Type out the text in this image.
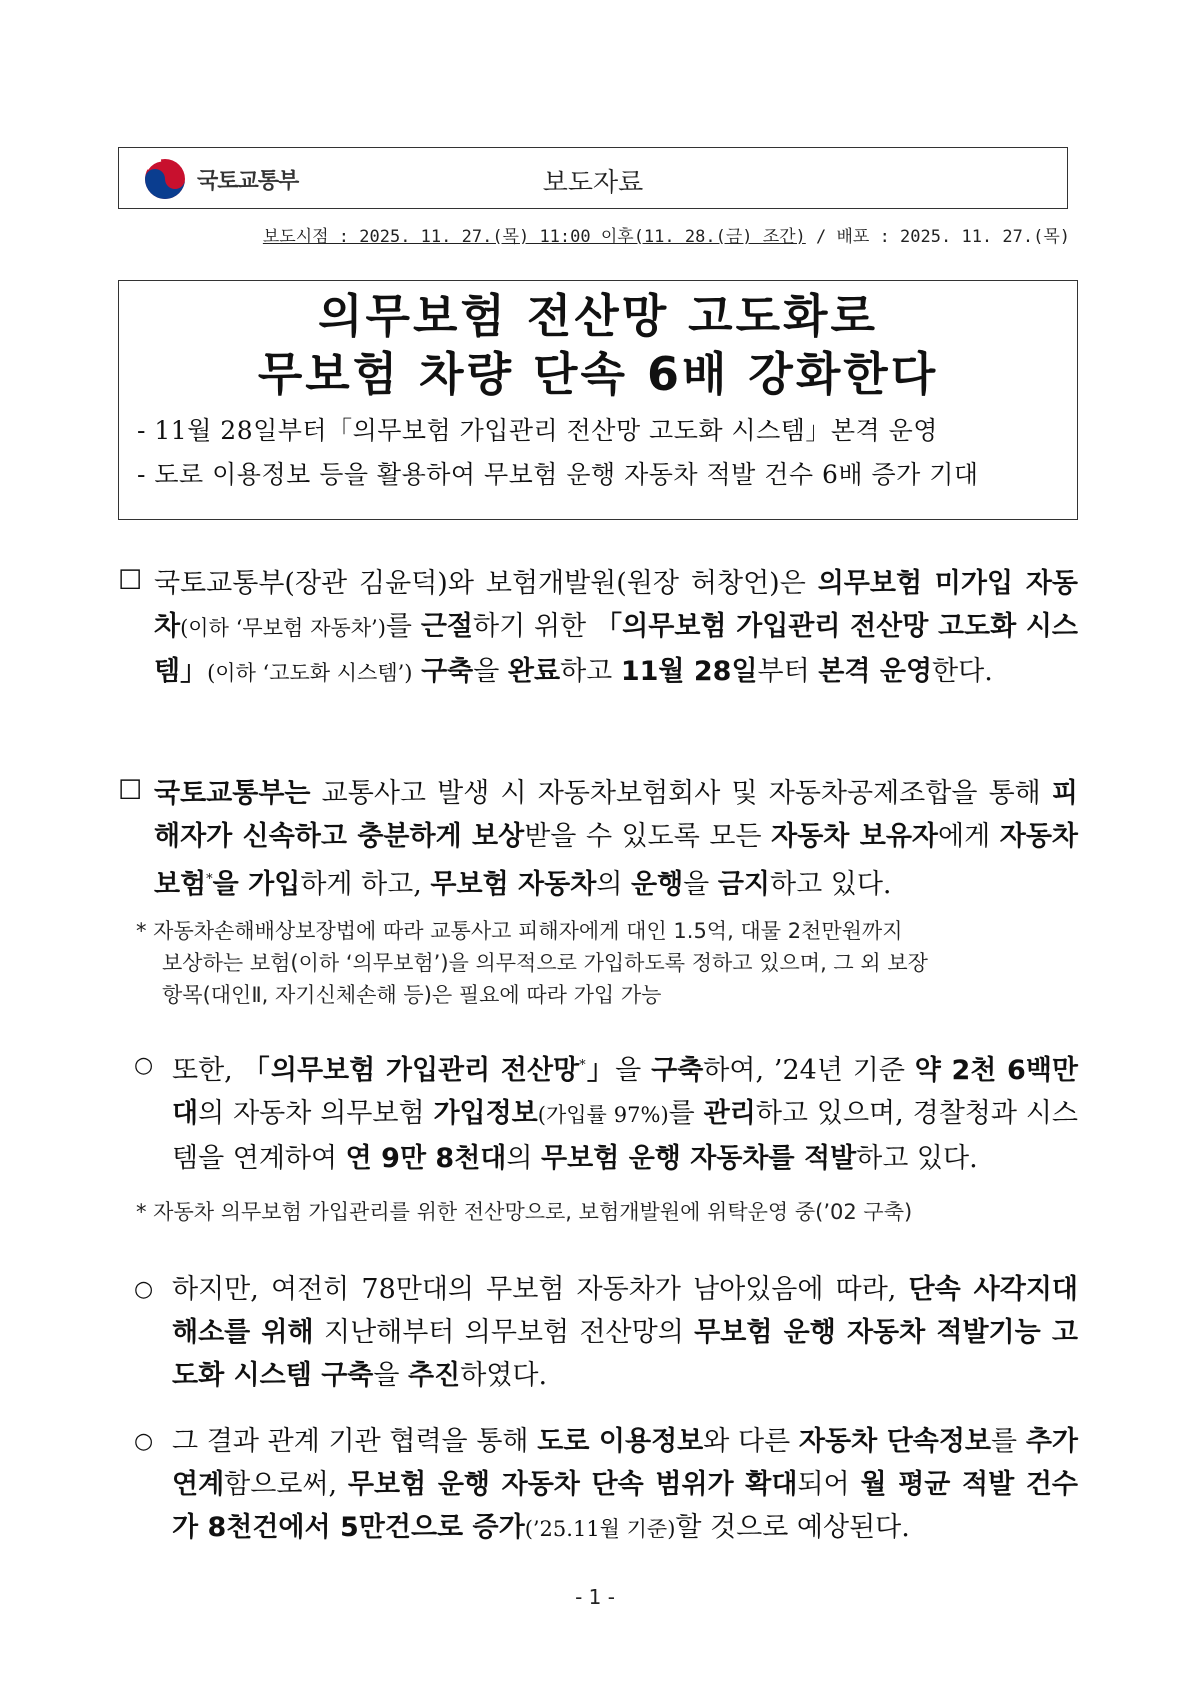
국토교통부	보도자료
보도시점 : 2025. 11. 27.(목) 11:00 이후(11. 28.(금) 조간) / 배포 : 2025. 11. 27.(목)
의무보험 전산망 고도화로
무보험 차량 단속 6배 강화한다
- 11월 28일부터「의무보험 가입관리 전산망 고도화 시스템」본격 운영
- 도로 이용정보 등을 활용하여 무보험 운행 자동차 적발 건수 6배 증가 기대
☐ 국토교통부(장관 김윤덕)와 보험개발원(원장 허창언)은 의무보험 미가입 자동차(이하 ‘무보험 자동차’)를 근절하기 위한 「의무보험 가입관리 전산망 고도화 시스템」(이하 ‘고도화 시스템’) 구축을 완료하고 11월 28일부터 본격 운영한다.
☐ 국토교통부는 교통사고 발생 시 자동차보험회사 및 자동차공제조합을 통해 피해자가 신속하고 충분하게 보상받을 수 있도록 모든 자동차 보유자에게 자동차보험*을 가입하게 하고, 무보험 자동차의 운행을 금지하고 있다.
* 자동차손해배상보장법에 따라 교통사고 피해자에게 대인 1.5억, 대물 2천만원까지
보상하는 보험(이하 ‘의무보험’)을 의무적으로 가입하도록 정하고 있으며, 그 외 보장
항목(대인Ⅱ, 자기신체손해 등)은 필요에 따라 가입 가능
○ 또한, 「의무보험 가입관리 전산망*」을 구축하여, ’24년 기준 약 2천 6백만대의 자동차 의무보험 가입정보(가입률 97%)를 관리하고 있으며, 경찰청과 시스템을 연계하여 연 9만 8천대의 무보험 운행 자동차를 적발하고 있다.
* 자동차 의무보험 가입관리를 위한 전산망으로, 보험개발원에 위탁운영 중(’02 구축)
○ 하지만, 여전히 78만대의 무보험 자동차가 남아있음에 따라, 단속 사각지대 해소를 위해 지난해부터 의무보험 전산망의 무보험 운행 자동차 적발기능 고도화 시스템 구축을 추진하였다.
○ 그 결과 관계 기관 협력을 통해 도로 이용정보와 다른 자동차 단속정보를 추가 연계함으로써, 무보험 운행 자동차 단속 범위가 확대되어 월 평균 적발 건수가 8천건에서 5만건으로 증가(’25.11월 기준)할 것으로 예상된다.
- 1 -
